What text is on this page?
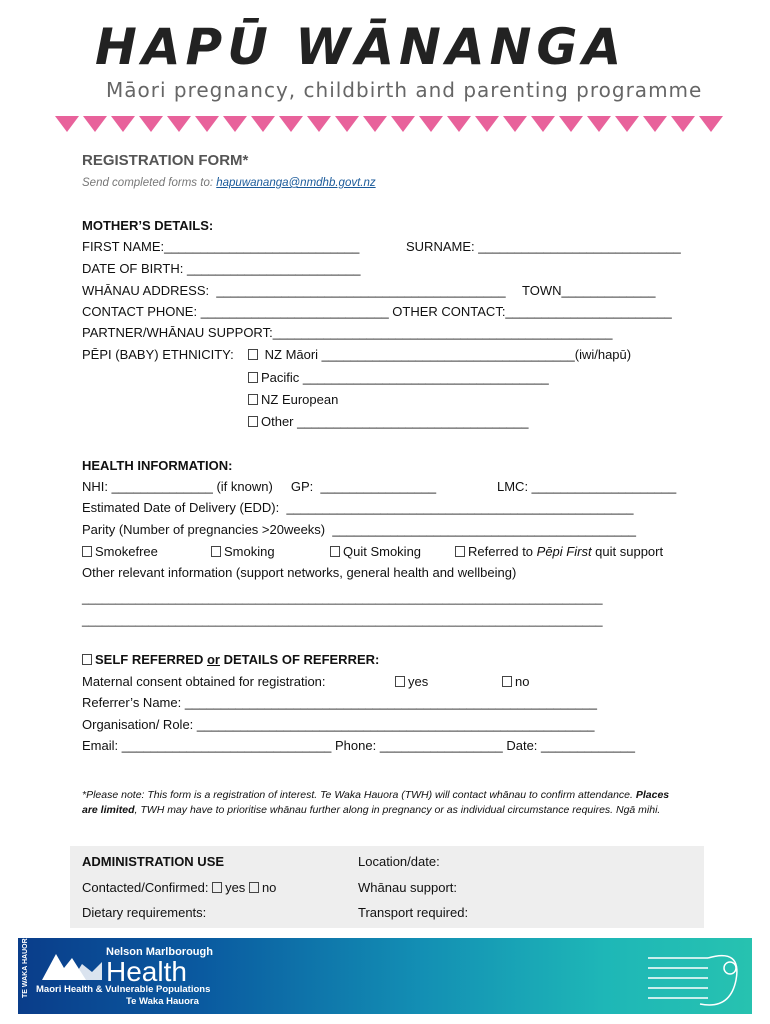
HAPŪ WĀNANGA
Māori pregnancy, childbirth and parenting programme
REGISTRATION FORM*
Send completed forms to: hapuwananga@nmdhb.govt.nz
MOTHER’S DETAILS:
FIRST NAME:___________________________	SURNAME: ____________________________
DATE OF BIRTH: ________________________
WHĀNAU ADDRESS:  ________________________________________ TOWN_____________
CONTACT PHONE: __________________________ OTHER CONTACT:_______________________
PARTNER/WHĀNAU SUPPORT:_______________________________________________
PĒPI (BABY) ETHNICITY:	NZ Māori ___________________________________(iwi/hapū)
Pacific __________________________________
NZ European
Other ________________________________
HEALTH INFORMATION:
NHI: ______________ (if known)     GP:  ________________	LMC: ____________________
Estimated Date of Delivery (EDD):  ________________________________________________
Parity (Number of pregnancies >20weeks)  __________________________________________
Smokefree	Smoking	Quit Smoking	Referred to Pēpi First quit support
Other relevant information (support networks, general health and wellbeing)
______________________________________________________________________________
______________________________________________________________________________
SELF REFERRED or DETAILS OF REFERRER:
Maternal consent obtained for registration:	yes	no
Referrer’s Name: _________________________________________________________
Organisation/ Role: _______________________________________________________
Email: _____________________________ Phone: _________________ Date: _____________
*Please note: This form is a registration of interest. Te Waka Hauora (TWH) will contact whānau to confirm attendance. Places are limited, TWH may have to prioritise whānau further along in pregnancy or as individual circumstance requires. Ngā mihi.
ADMINISTRATION USE	Location/date:
Contacted/Confirmed: yes no	Whānau support:
Dietary requirements:	Transport required:
TE WAKA HAUORA	Nelson Marlborough
Health
Maori Health & Vulnerable Populations
Te Waka Hauora
